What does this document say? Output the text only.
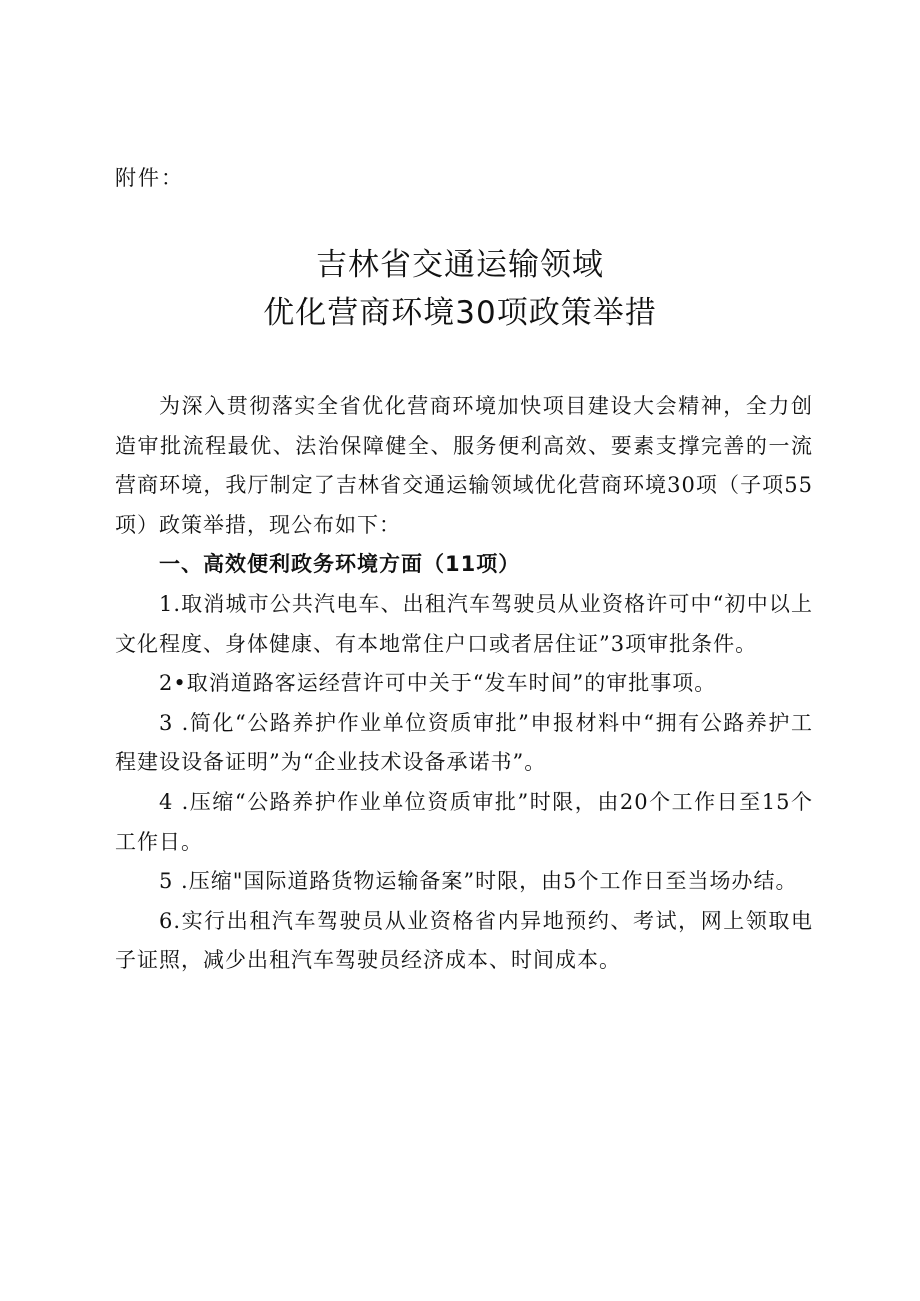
附件：
吉林省交通运输领域
优化营商环境30项政策举措

为深入贯彻落实全省优化营商环境加快项目建设大会精神，全力创造审批流程最优、法治保障健全、服务便利高效、要素支撑完善的一流营商环境，我厅制定了吉林省交通运输领域优化营商环境30项（子项55项）政策举措，现公布如下：

一、高效便利政务环境方面（11项）

1.取消城市公共汽电车、出租汽车驾驶员从业资格许可中“初中以上文化程度、身体健康、有本地常住户口或者居住证”3项审批条件。

2•取消道路客运经营许可中关于“发车时间”的审批事项。

3 .简化“公路养护作业单位资质审批”申报材料中“拥有公路养护工程建设设备证明”为“企业技术设备承诺书”。

4 .压缩“公路养护作业单位资质审批”时限，由20个工作日至15个工作日。

5 .压缩"国际道路货物运输备案”时限，由5个工作日至当场办结。

6.实行出租汽车驾驶员从业资格省内异地预约、考试，网上领取电子证照，减少出租汽车驾驶员经济成本、时间成本。
